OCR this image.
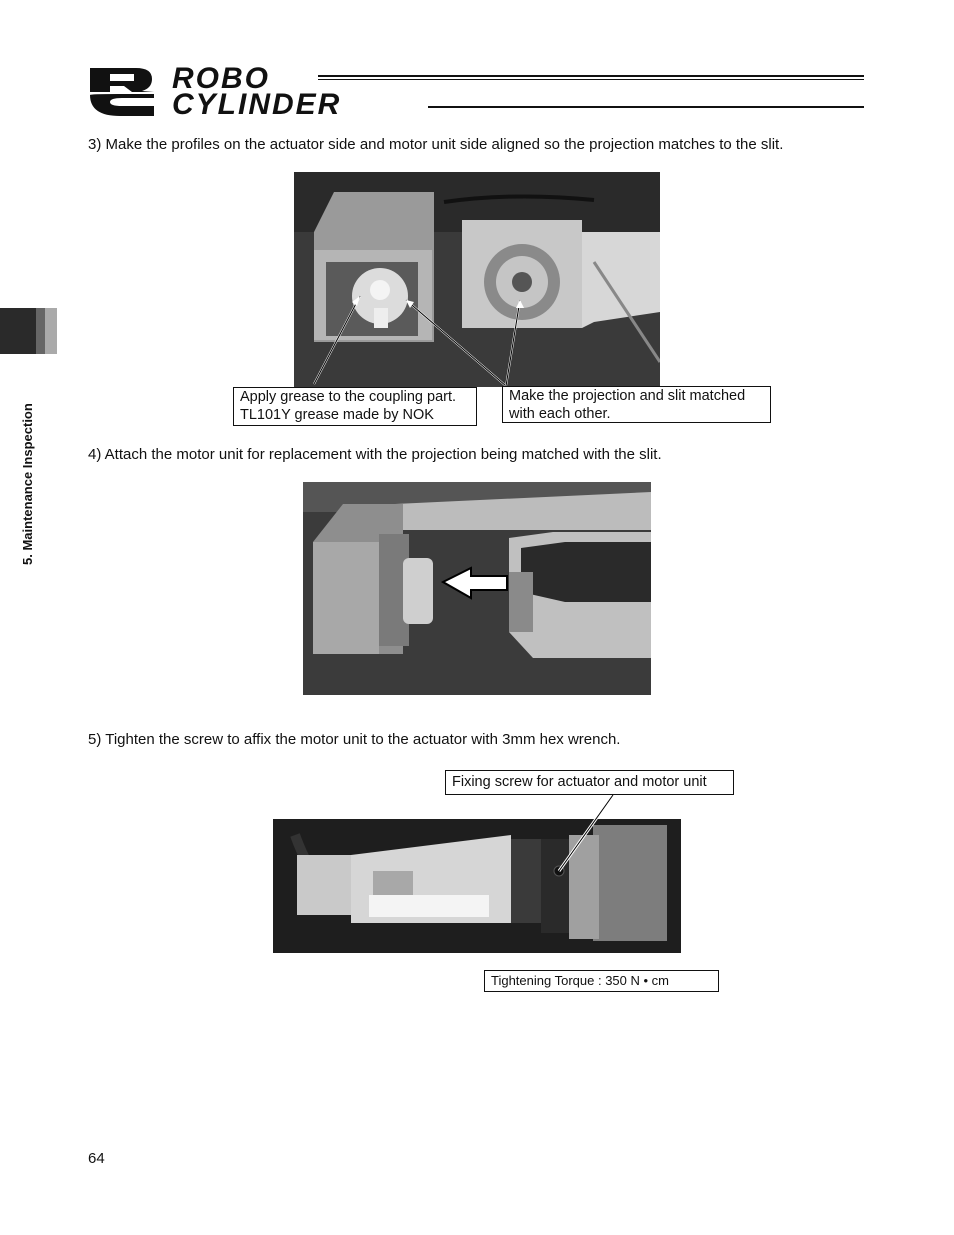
ROBO
CYLINDER
5. Maintenance Inspection
3) Make the profiles on the actuator side and motor unit side aligned so the projection matches to the slit.
Apply grease to the coupling part.
TL101Y grease made by NOK
Make the projection and slit matched
with each other.
4) Attach the motor unit for replacement with the projection being matched with the slit.
5) Tighten the screw to affix the motor unit to the actuator with 3mm hex wrench.
Fixing screw for actuator and motor unit
Tightening Torque : 350 N • cm
64
